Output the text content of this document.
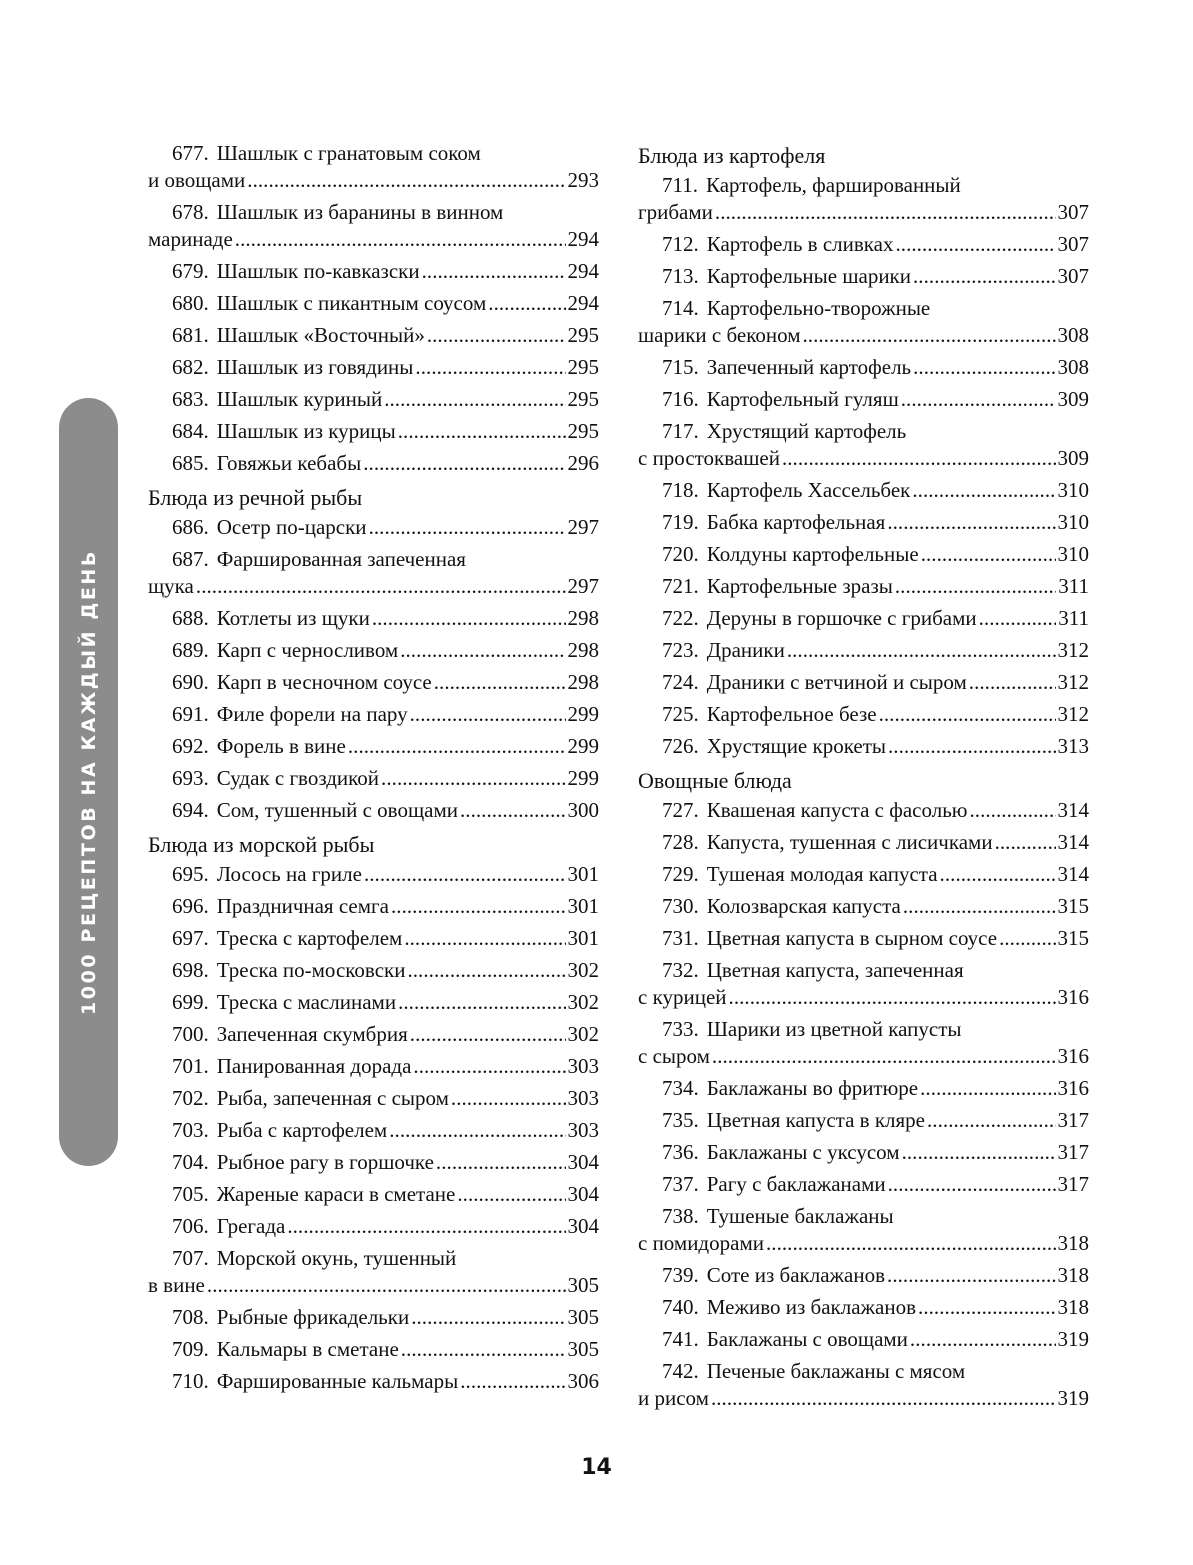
1000 РЕЦЕПТОВ НА КАЖДЫЙ ДЕНЬ
677. Шашлык с гранатовым соком
и овощами . . .	293
678. Шашлык из баранины в винном
маринаде . . .	294
679. Шашлык по-кавказски . . .	294
680. Шашлык с пикантным соусом . . .	294
681. Шашлык «Восточный» . . .	295
682. Шашлык из говядины . . .	295
683. Шашлык куриный . . .	295
684. Шашлык из курицы . . .	295
685. Говяжьи кебабы . . .	296
Блюда из речной рыбы
686. Осетр по-царски . . .	297
687. Фаршированная запеченная
щука . . .	297
688. Котлеты из щуки . . .	298
689. Карп с черносливом . . .	298
690. Карп в чесночном соусе . . .	298
691. Филе форели на пару . . .	299
692. Форель в вине . . .	299
693. Судак с гвоздикой . . .	299
694. Сом, тушенный с овощами . . .	300
Блюда из морской рыбы
695. Лосось на гриле . . .	301
696. Праздничная семга . . .	301
697. Треска с картофелем . . .	301
698. Треска по-московски . . .	302
699. Треска с маслинами . . .	302
700. Запеченная скумбрия . . .	302
701. Панированная дорада . . .	303
702. Рыба, запеченная с сыром . . .	303
703. Рыба с картофелем . . .	303
704. Рыбное рагу в горшочке . . .	304
705. Жареные караси в сметане . . .	304
706. Грегада . . .	304
707. Морской окунь, тушенный
в вине . . .	305
708. Рыбные фрикадельки . . .	305
709. Кальмары в сметане . . .	305
710. Фаршированные кальмары . . .	306
Блюда из картофеля
711. Картофель, фаршированный
грибами . . .	307
712. Картофель в сливках . . .	307
713. Картофельные шарики . . .	307
714. Картофельно-творожные
шарики с беконом . . .	308
715. Запеченный картофель . . .	308
716. Картофельный гуляш . . .	309
717. Хрустящий картофель
с простоквашей . . .	309
718. Картофель Хассельбек . . .	310
719. Бабка картофельная . . .	310
720. Колдуны картофельные . . .	310
721. Картофельные зразы . . .	311
722. Деруны в горшочке с грибами . . .	311
723. Драники . . .	312
724. Драники с ветчиной и сыром . . .	312
725. Картофельное безе . . .	312
726. Хрустящие крокеты . . .	313
Овощные блюда
727. Квашеная капуста с фасолью . . .	314
728. Капуста, тушенная с лисичками . . .	314
729. Тушеная молодая капуста . . .	314
730. Колозварская капуста . . .	315
731. Цветная капуста в сырном соусе . . .	315
732. Цветная капуста, запеченная
с курицей . . .	316
733. Шарики из цветной капусты
с сыром . . .	316
734. Баклажаны во фритюре . . .	316
735. Цветная капуста в кляре . . .	317
736. Баклажаны с уксусом . . .	317
737. Рагу с баклажанами . . .	317
738. Тушеные баклажаны
с помидорами . . .	318
739. Соте из баклажанов . . .	318
740. Меживо из баклажанов . . .	318
741. Баклажаны с овощами . . .	319
742. Печеные баклажаны с мясом
и рисом . . .	319
14
